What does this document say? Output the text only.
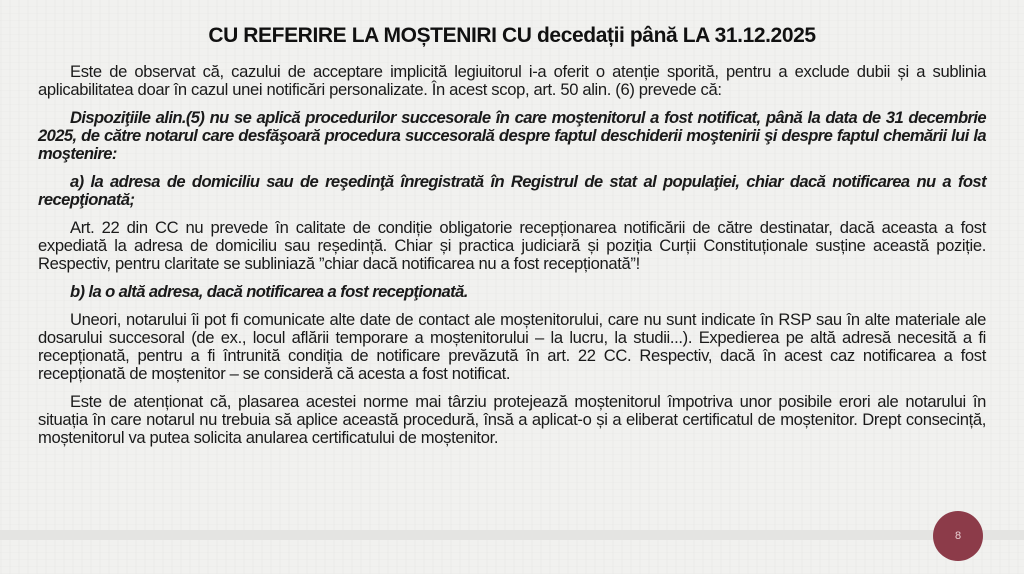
CU REFERIRE LA MOȘTENIRI CU decedații până LA 31.12.2025

Este de observat că, cazului de acceptare implicită legiuitorul i-a oferit o atenție sporită, pentru a exclude dubii și a sublinia aplicabilitatea doar în cazul unei notificări personalizate. În acest scop, art. 50 alin. (6) prevede că:

Dispoziţiile alin.(5) nu se aplică procedurilor succesorale în care moştenitorul a fost notificat, până la data de 31 decembrie 2025, de către notarul care desfăşoară procedura succesorală despre faptul deschiderii moştenirii şi despre faptul chemării lui la moştenire:

a) la adresa de domiciliu sau de reşedinţă înregistrată în Registrul de stat al populaţiei, chiar dacă notificarea nu a fost recepţionată;

Art. 22 din CC nu prevede în calitate de condiție obligatorie recepționarea notificării de către destinatar, dacă aceasta a fost expediată la adresa de domiciliu sau reședință. Chiar și practica judiciară și poziția Curții Constituționale susține această poziție. Respectiv, pentru claritate se subliniază ”chiar dacă notificarea nu a fost recepționată”!

b) la o altă adresa, dacă notificarea a fost recepţionată.

Uneori, notarului îi pot fi comunicate alte date de contact ale moștenitorului, care nu sunt indicate în RSP sau în alte materiale ale dosarului succesoral (de ex., locul aflării temporare a moștenitorului – la lucru, la studii...). Expedierea pe altă adresă necesită a fi recepționată, pentru a fi întrunită condiția de notificare prevăzută în art. 22 CC. Respectiv, dacă în acest caz notificarea a fost recepționată de moștenitor – se consideră că acesta a fost notificat.

Este de atenționat că, plasarea acestei norme mai târziu protejează moștenitorul împotriva unor posibile erori ale notarului în situația în care notarul nu trebuia să aplice această procedură, însă a aplicat-o și a eliberat certificatul de moștenitor. Drept consecință, moștenitorul va putea solicita anularea certificatului de moștenitor.

8
